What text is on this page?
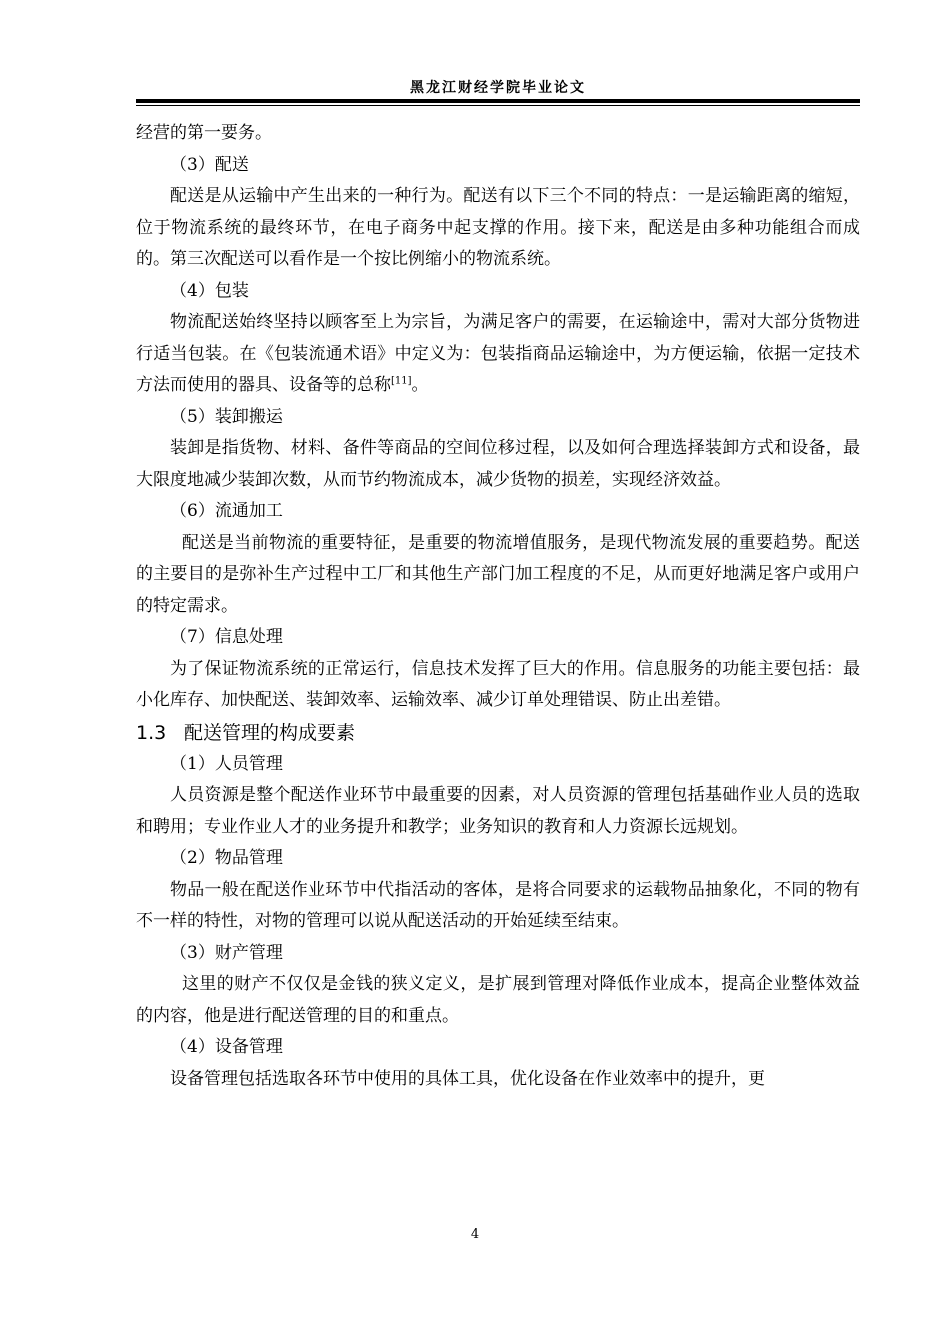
黑龙江财经学院毕业论文

经营的第一要务。

（3）配送

配送是从运输中产生出来的一种行为。配送有以下三个不同的特点：一是运输距离的缩短，位于物流系统的最终环节，在电子商务中起支撑的作用。接下来，配送是由多种功能组合而成的。第三次配送可以看作是一个按比例缩小的物流系统。

（4）包装

物流配送始终坚持以顾客至上为宗旨，为满足客户的需要，在运输途中，需对大部分货物进行适当包装。在《包装流通术语》中定义为：包装指商品运输途中，为方便运输，依据一定技术方法而使用的器具、设备等的总称[11]。

（5）装卸搬运

装卸是指货物、材料、备件等商品的空间位移过程，以及如何合理选择装卸方式和设备，最大限度地减少装卸次数，从而节约物流成本，减少货物的损差，实现经济效益。

（6）流通加工

配送是当前物流的重要特征，是重要的物流增值服务，是现代物流发展的重要趋势。配送的主要目的是弥补生产过程中工厂和其他生产部门加工程度的不足，从而更好地满足客户或用户的特定需求。

（7）信息处理

为了保证物流系统的正常运行，信息技术发挥了巨大的作用。信息服务的功能主要包括：最小化库存、加快配送、装卸效率、运输效率、减少订单处理错误、防止出差错。

1.3 配送管理的构成要素

（1）人员管理

人员资源是整个配送作业环节中最重要的因素，对人员资源的管理包括基础作业人员的选取和聘用；专业作业人才的业务提升和教学；业务知识的教育和人力资源长远规划。

（2）物品管理

物品一般在配送作业环节中代指活动的客体，是将合同要求的运载物品抽象化，不同的物有不一样的特性，对物的管理可以说从配送活动的开始延续至结束。

（3）财产管理

这里的财产不仅仅是金钱的狭义定义，是扩展到管理对降低作业成本，提高企业整体效益的内容，他是进行配送管理的目的和重点。

（4）设备管理

设备管理包括选取各环节中使用的具体工具，优化设备在作业效率中的提升，更

4
